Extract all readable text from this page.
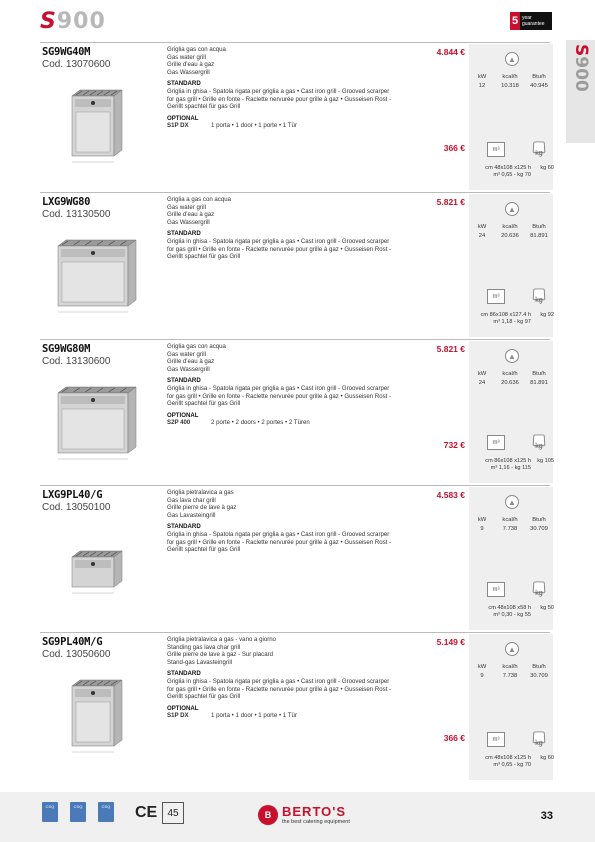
S900	5 year
guarantee
S900
SG9WG40M
Cod. 13070600
Griglia gas con acqua
Gas water grill
Grille d'eau à gaz
Gas Wassergrill
STANDARD
Griglia in ghisa - Spatola rigata per griglia a gas • Cast iron grill - Grooved scrarper
for gas grill • Grille en fonte - Raclette nervurée pour grille à gaz • Gusseisen Rost -
Gerillt spachtel für gas Grill
OPTIONAL
S1P DX	1 porta • 1 door • 1 porte • 1 Tür
4.844 €
366 €
▲
kW	kcal/h	Btu/h
12	10.318	40.945
m³
kg
cm 48x108 x125 h
m³ 0,65 - kg 70
kg 60
LXG9WG80
Cod. 13130500
Griglia a gas con acqua
Gas water grill
Grille d'eau à gaz
Gas Wassergrill
STANDARD
Griglia in ghisa - Spatola rigata per griglia a gas • Cast iron grill - Grooved scrarper
for gas grill • Grille en fonte - Raclette nervurée pour grille à gaz • Gusseisen Rost -
Gerillt spachtel für gas Grill
5.821 €
▲
kW	kcal/h	Btu/h
24	20.636	81.891
m³
kg
cm 86x108 x127.4 h
m³ 1,18 - kg 97
kg 92
SG9WG80M
Cod. 13130600
Griglia gas con acqua
Gas water grill
Grille d'eau à gaz
Gas Wassergrill
STANDARD
Griglia in ghisa - Spatola rigata per griglia a gas • Cast iron grill - Grooved scrarper
for gas grill • Grille en fonte - Raclette nervurée pour grille à gaz • Gusseisen Rost -
Gerillt spachtel für gas Grill
OPTIONAL
S2P 400	2 porte • 2 doors • 2 portes • 2 Türen
5.821 €
732 €
▲
kW	kcal/h	Btu/h
24	20.636	81.891
m³
kg
cm 86x108 x125 h
m³ 1,16 - kg 115
kg 105
LXG9PL40/G
Cod. 13050100
Griglia pietralavica a gas
Gas lava char grill
Grille pierre de lave à gaz
Gas Lavasteingrill
STANDARD
Griglia in ghisa - Spatola rigata per griglia a gas • Cast iron grill - Grooved scrarper
for gas grill • Grille en fonte - Raclette nervurée pour grille à gaz • Gusseisen Rost -
Gerillt spachtel für gas Grill
4.583 €
▲
kW	kcal/h	Btu/h
9	7.738	30.709
m³
kg
cm 48x108 x58 h
m³ 0,30 - kg 55
kg 50
SG9PL40M/G
Cod. 13050600
Griglia pietralavica a gas - vano a giorno
Standing gas lava char grill
Grille pierre de lave à gaz - Sur placard
Stand-gas Lavasteingrill
STANDARD
Griglia in ghisa - Spatola rigata per griglia a gas • Cast iron grill - Grooved scrarper
for gas grill • Grille en fonte - Raclette nervurée pour grille à gaz • Gusseisen Rost -
Gerillt spachtel für gas Grill
OPTIONAL
S1P DX	1 porta • 1 door • 1 porte • 1 Tür
5.149 €
366 €
▲
kW	kcal/h	Btu/h
9	7.738	30.709
m³
kg
cm 48x108 x125 h
m³ 0,65 - kg 70
kg 60
CSQ	CSQ	CSQ CE	45	B BERTO'S
the best catering equipment	33
